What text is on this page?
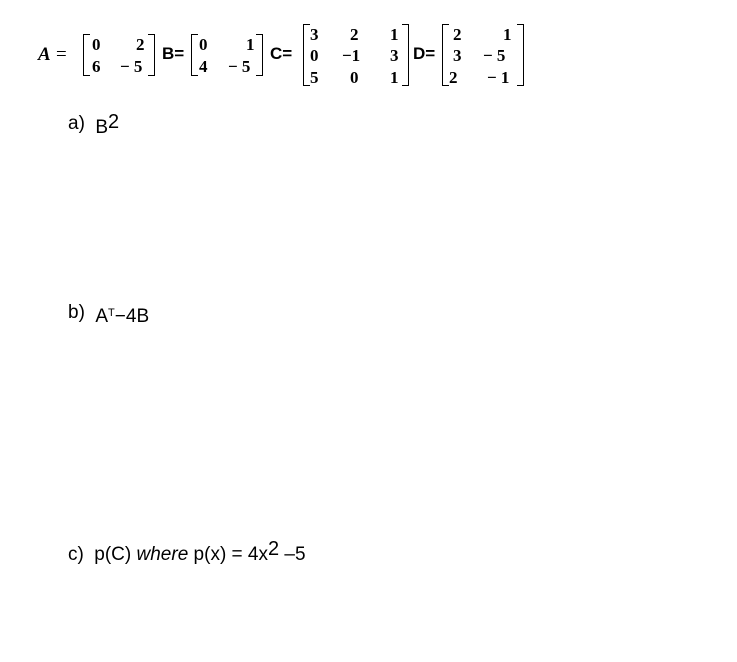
A = 0 2
6 − 5
B= 0 1
4 − 5
C=
3 2 1
0 −1 3
5 0 1
D=
2 1
3 − 5
2 − 1
a) $B^2$
b) $A^T-4B$
c) p(C) where $p(x) = 4x^2$ –5
